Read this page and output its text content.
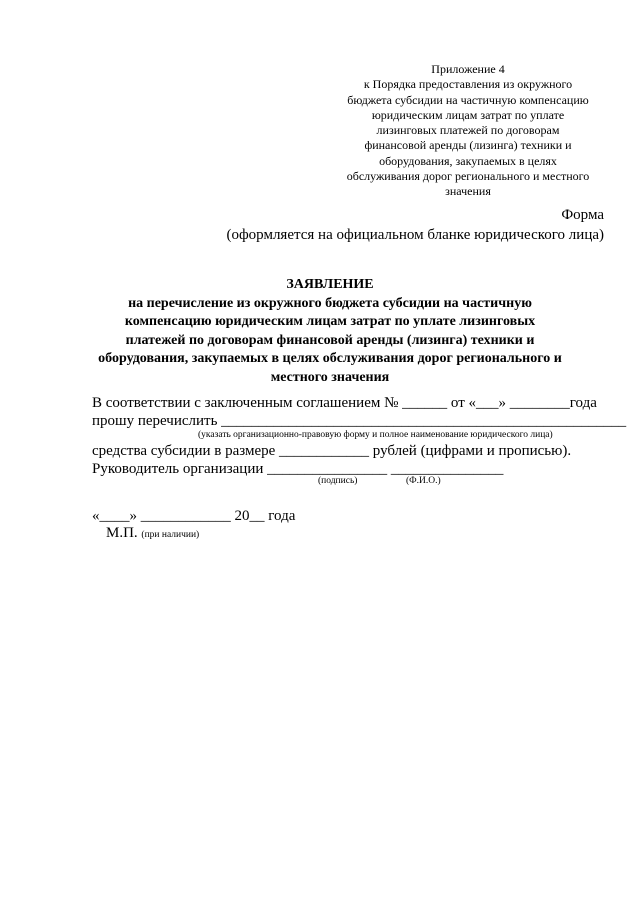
Приложение 4
к Порядка предоставления из окружного
бюджета субсидии на частичную компенсацию
юридическим лицам затрат по уплате
лизинговых платежей по договорам
финансовой аренды (лизинга) техники и
оборудования, закупаемых в целях
обслуживания дорог регионального и местного
значения
Форма
(оформляется на официальном бланке юридического лица)
ЗАЯВЛЕНИЕ
на перечисление из окружного бюджета субсидии на частичную
компенсацию юридическим лицам затрат по уплате лизинговых
платежей по договорам финансовой аренды (лизинга) техники и
оборудования, закупаемых в целях обслуживания дорог регионального и
местного значения
В соответствии с заключенным соглашением № ______ от «___» ________года
прошу перечислить ______________________________________________________
(указать организационно-правовую форму и полное наименование юридического лица)
средства субсидии в размере ____________ рублей (цифрами и прописью).
Руководитель организации ________________ _______________
(подпись)	(Ф.И.О.)
«____» ____________ 20__ года
М.П. (при наличии)
